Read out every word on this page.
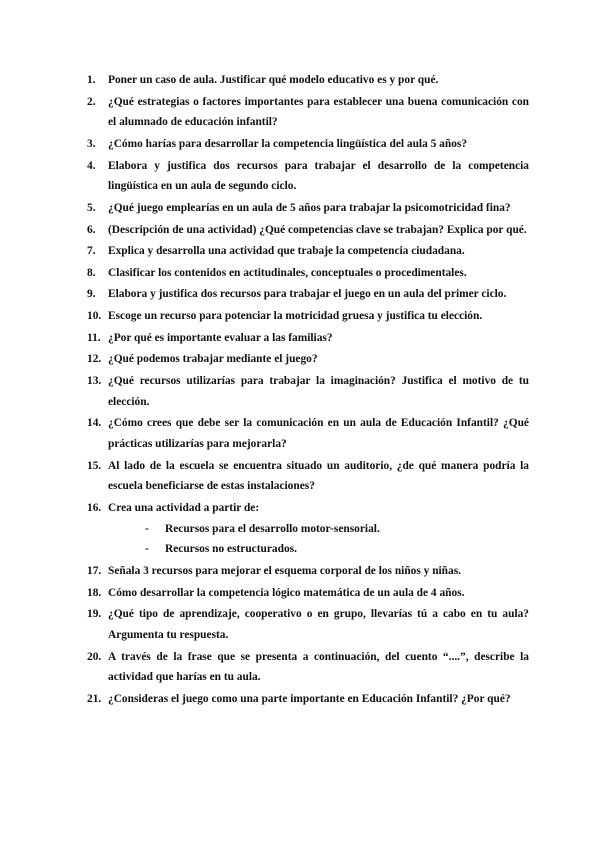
1. Poner un caso de aula. Justificar qué modelo educativo es y por qué.
2. ¿Qué estrategias o factores importantes para establecer una buena comunicación con el alumnado de educación infantil?
3. ¿Cómo harías para desarrollar la competencia lingüística del aula 5 años?
4. Elabora y justifica dos recursos para trabajar el desarrollo de la competencia lingüística en un aula de segundo ciclo.
5. ¿Qué juego emplearías en un aula de 5 años para trabajar la psicomotricidad fina?
6. (Descripción de una actividad) ¿Qué competencias clave se trabajan? Explica por qué.
7. Explica y desarrolla una actividad que trabaje la competencia ciudadana.
8. Clasificar los contenidos en actitudinales, conceptuales o procedimentales.
9. Elabora y justifica dos recursos para trabajar el juego en un aula del primer ciclo.
10. Escoge un recurso para potenciar la motricidad gruesa y justifica tu elección.
11. ¿Por qué es importante evaluar a las familias?
12. ¿Qué podemos trabajar mediante el juego?
13. ¿Qué recursos utilizarías para trabajar la imaginación? Justifica el motivo de tu elección.
14. ¿Cómo crees que debe ser la comunicación en un aula de Educación Infantil? ¿Qué prácticas utilizarías para mejorarla?
15. Al lado de la escuela se encuentra situado un auditorio, ¿de qué manera podría la escuela beneficiarse de estas instalaciones?
16. Crea una actividad a partir de:
- Recursos para el desarrollo motor-sensorial.
- Recursos no estructurados.
17. Señala 3 recursos para mejorar el esquema corporal de los niños y niñas.
18. Cómo desarrollar la competencia lógico matemática de un aula de 4 años.
19. ¿Qué tipo de aprendizaje, cooperativo o en grupo, llevarías tú a cabo en tu aula? Argumenta tu respuesta.
20. A través de la frase que se presenta a continuación, del cuento “....”, describe la actividad que harías en tu aula.
21. ¿Consideras el juego como una parte importante en Educación Infantil? ¿Por qué?
